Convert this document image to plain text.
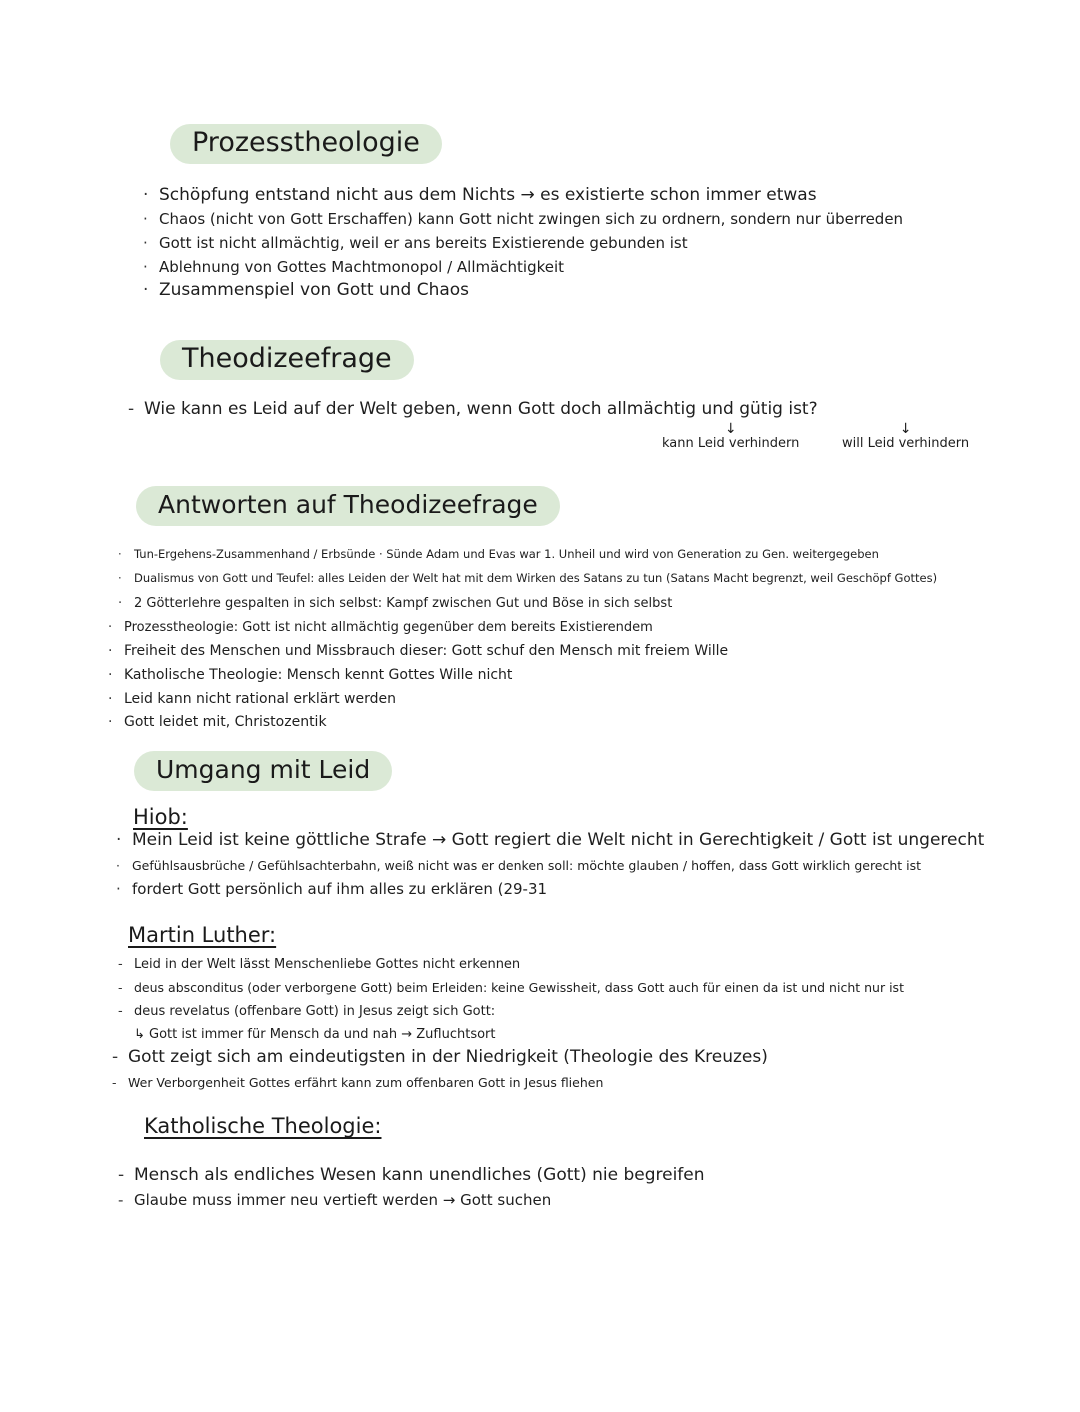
Prozesstheologie
· Schöpfung entstand nicht aus dem Nichts → es existierte schon immer etwas
· Chaos (nicht von Gott Erschaffen) kann Gott nicht zwingen sich zu ordnern, sondern nur überreden
· Gott ist nicht allmächtig, weil er ans bereits Existierende gebunden ist
· Ablehnung von Gottes Machtmonopol / Allmächtigkeit
· Zusammenspiel von Gott und Chaos
Theodizeefrage
- Wie kann es Leid auf der Welt geben, wenn Gott doch allmächtig und gütig ist?
↓
kann Leid verhindern
↓
will Leid verhindern
Antworten auf Theodizeefrage
· Tun-Ergehens-Zusammenhand / Erbsünde · Sünde Adam und Evas war 1. Unheil und wird von Generation zu Gen. weitergegeben
· Dualismus von Gott und Teufel: alles Leiden der Welt hat mit dem Wirken des Satans zu tun (Satans Macht begrenzt, weil Geschöpf Gottes)
· 2 Götterlehre gespalten in sich selbst: Kampf zwischen Gut und Böse in sich selbst
· Prozesstheologie: Gott ist nicht allmächtig gegenüber dem bereits Existierendem
· Freiheit des Menschen und Missbrauch dieser: Gott schuf den Mensch mit freiem Wille
· Katholische Theologie: Mensch kennt Gottes Wille nicht
· Leid kann nicht rational erklärt werden
· Gott leidet mit, Christozentik
Umgang mit Leid
Hiob:
· Mein Leid ist keine göttliche Strafe → Gott regiert die Welt nicht in Gerechtigkeit / Gott ist ungerecht
· Gefühlsausbrüche / Gefühlsachterbahn, weiß nicht was er denken soll: möchte glauben / hoffen, dass Gott wirklich gerecht ist
· fordert Gott persönlich auf ihm alles zu erklären (29-31
Martin Luther:
- Leid in der Welt lässt Menschenliebe Gottes nicht erkennen
- deus absconditus (oder verborgene Gott) beim Erleiden: keine Gewissheit, dass Gott auch für einen da ist und nicht nur ist
- deus revelatus (offenbare Gott) in Jesus zeigt sich Gott:
↳ Gott ist immer für Mensch da und nah → Zufluchtsort
- Gott zeigt sich am eindeutigsten in der Niedrigkeit (Theologie des Kreuzes)
- Wer Verborgenheit Gottes erfährt kann zum offenbaren Gott in Jesus fliehen
Katholische Theologie:
- Mensch als endliches Wesen kann unendliches (Gott) nie begreifen
- Glaube muss immer neu vertieft werden → Gott suchen
